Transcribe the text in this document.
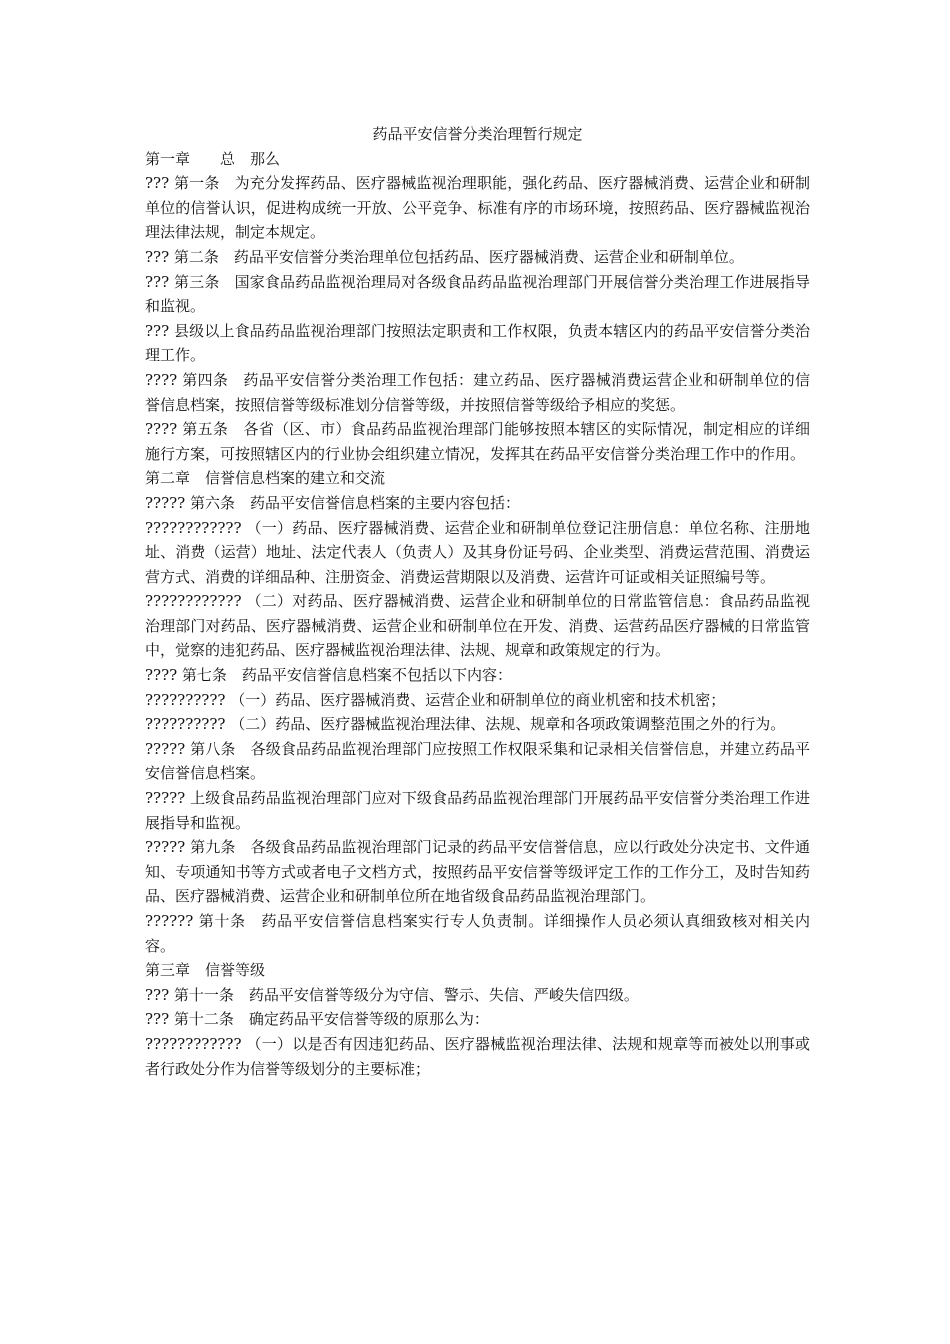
药品平安信誉分类治理暂行规定

第一章　　总　那么

??? 第一条　为充分发挥药品、医疗器械监视治理职能，强化药品、医疗器械消费、运营企业和研制单位的信誉认识，促进构成统一开放、公平竞争、标准有序的市场环境，按照药品、医疗器械监视治理法律法规，制定本规定。

??? 第二条　药品平安信誉分类治理单位包括药品、医疗器械消费、运营企业和研制单位。

??? 第三条　国家食品药品监视治理局对各级食品药品监视治理部门开展信誉分类治理工作进展指导和监视。

??? 县级以上食品药品监视治理部门按照法定职责和工作权限，负责本辖区内的药品平安信誉分类治理工作。

???? 第四条　药品平安信誉分类治理工作包括：建立药品、医疗器械消费运营企业和研制单位的信誉信息档案，按照信誉等级标准划分信誉等级，并按照信誉等级给予相应的奖惩。

???? 第五条　各省（区、市）食品药品监视治理部门能够按照本辖区的实际情况，制定相应的详细施行方案，可按照辖区内的行业协会组织建立情况，发挥其在药品平安信誉分类治理工作中的作用。

第二章　信誉信息档案的建立和交流

????? 第六条　药品平安信誉信息档案的主要内容包括：

???????????? （一）药品、医疗器械消费、运营企业和研制单位登记注册信息：单位名称、注册地址、消费（运营）地址、法定代表人（负责人）及其身份证号码、企业类型、消费运营范围、消费运营方式、消费的详细品种、注册资金、消费运营期限以及消费、运营许可证或相关证照编号等。

???????????? （二）对药品、医疗器械消费、运营企业和研制单位的日常监管信息：食品药品监视治理部门对药品、医疗器械消费、运营企业和研制单位在开发、消费、运营药品医疗器械的日常监管中，觉察的违犯药品、医疗器械监视治理法律、法规、规章和政策规定的行为。

???? 第七条　药品平安信誉信息档案不包括以下内容：

?????????? （一）药品、医疗器械消费、运营企业和研制单位的商业机密和技术机密；

?????????? （二）药品、医疗器械监视治理法律、法规、规章和各项政策调整范围之外的行为。

????? 第八条　各级食品药品监视治理部门应按照工作权限采集和记录相关信誉信息，并建立药品平安信誉信息档案。

????? 上级食品药品监视治理部门应对下级食品药品监视治理部门开展药品平安信誉分类治理工作进展指导和监视。

????? 第九条　各级食品药品监视治理部门记录的药品平安信誉信息，应以行政处分决定书、文件通知、专项通知书等方式或者电子文档方式，按照药品平安信誉等级评定工作的工作分工，及时告知药品、医疗器械消费、运营企业和研制单位所在地省级食品药品监视治理部门。

?????? 第十条　药品平安信誉信息档案实行专人负责制。详细操作人员必须认真细致核对相关内容。

第三章　信誉等级

??? 第十一条　药品平安信誉等级分为守信、警示、失信、严峻失信四级。

??? 第十二条　确定药品平安信誉等级的原那么为：

???????????? （一）以是否有因违犯药品、医疗器械监视治理法律、法规和规章等而被处以刑事或者行政处分作为信誉等级划分的主要标准；
